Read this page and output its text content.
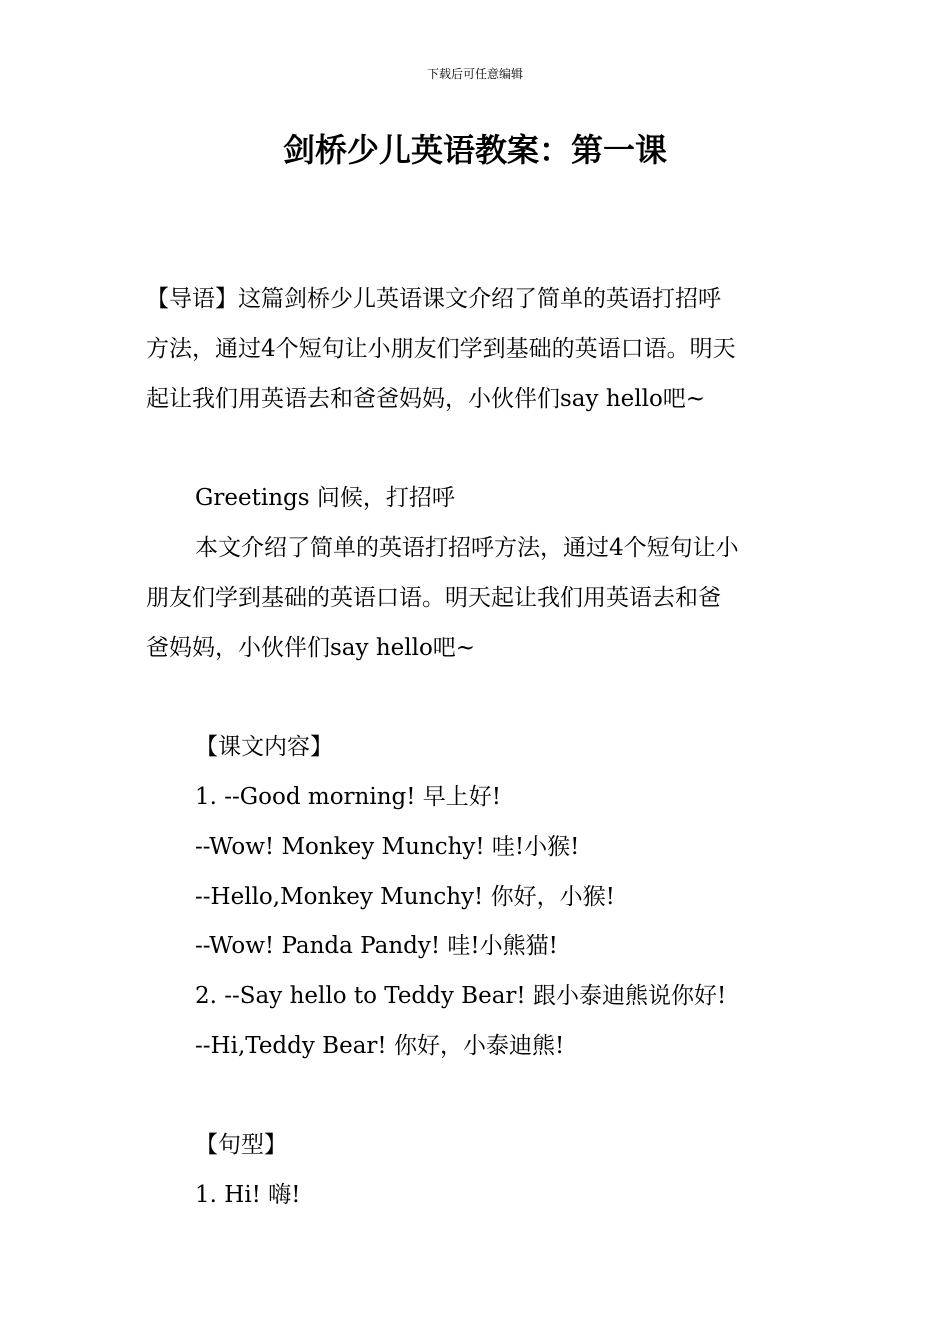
下载后可任意编辑
剑桥少儿英语教案：第一课
【导语】这篇剑桥少儿英语课文介绍了简单的英语打招呼
方法，通过4个短句让小朋友们学到基础的英语口语。明天
起让我们用英语去和爸爸妈妈，小伙伴们say hello吧~
Greetings 问候，打招呼
本文介绍了简单的英语打招呼方法，通过4个短句让小
朋友们学到基础的英语口语。明天起让我们用英语去和爸
爸妈妈，小伙伴们say hello吧~
【课文内容】
1. --Good morning! 早上好!
--Wow! Monkey Munchy! 哇!小猴!
--Hello,Monkey Munchy! 你好，小猴!
--Wow! Panda Pandy! 哇!小熊猫!
2. --Say hello to Teddy Bear! 跟小泰迪熊说你好!
--Hi,Teddy Bear! 你好，小泰迪熊!
【句型】
1. Hi! 嗨!
